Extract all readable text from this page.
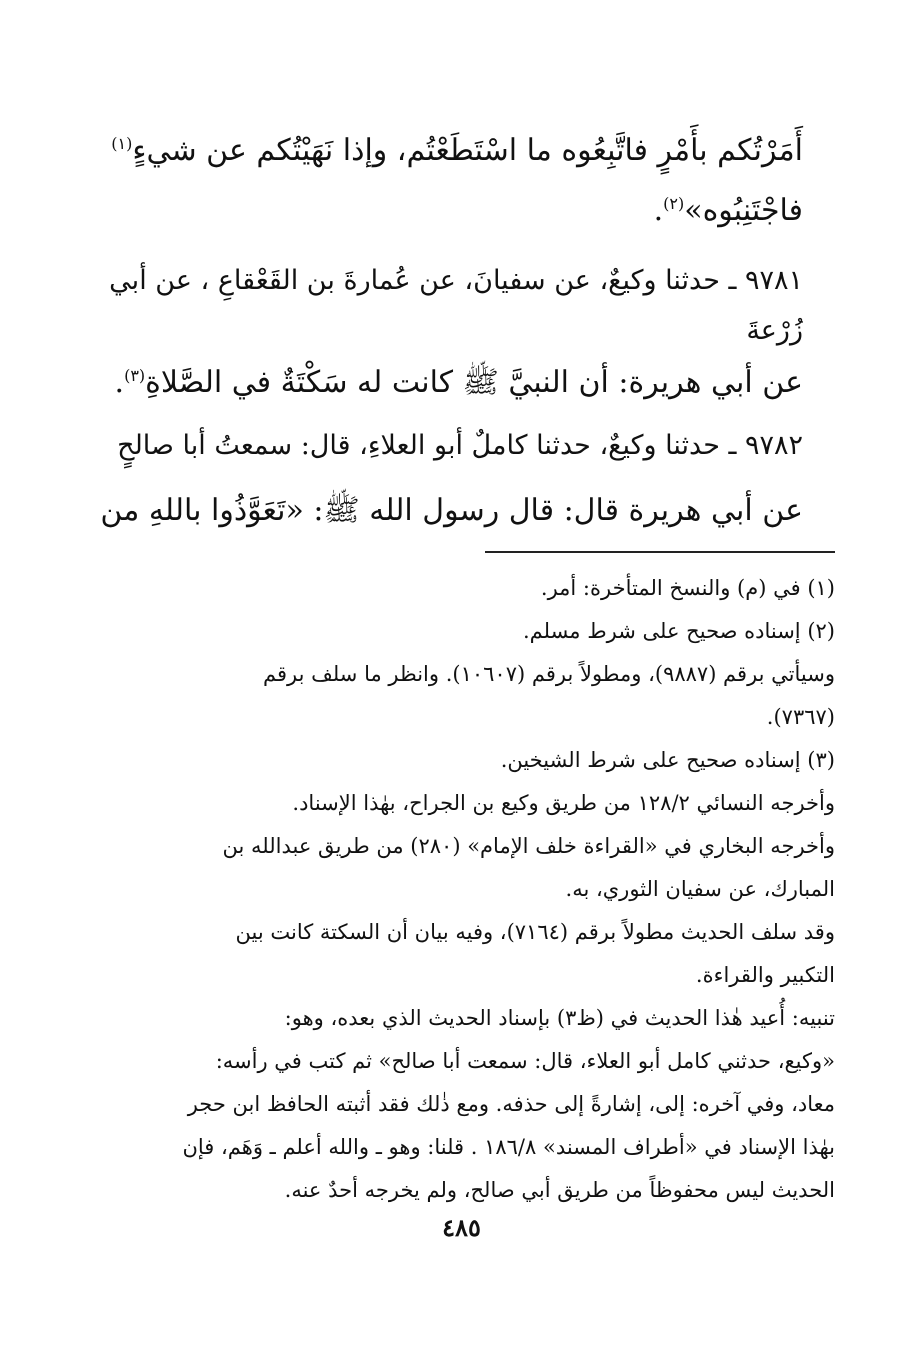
أَمَرْتُكم بأَمْرٍ فاتَّبِعُوه ما اسْتَطَعْتُم، وإذا نَهَيْتُكم عن شيءٍ$^{(١)}$
فاجْتَنِبُوه»$^{(٢)}$.
٩٧٨١ ـ حدثنا وكيعٌ، عن سفيانَ، عن عُمارةَ بن القَعْقاعِ ، عن أبي
زُرْعةَ
عن أبي هريرة: أن النبيَّ ﷺ كانت له سَكْتَةٌ في الصَّلاةِ$^{(٣)}$.
٩٧٨٢ ـ حدثنا وكيعٌ، حدثنا كاملٌ أبو العلاءِ، قال: سمعتُ أبا صالحٍ
عن أبي هريرة قال: قال رسول الله ﷺ: «تَعَوَّذُوا باللهِ من
(١) في (م) والنسخ المتأخرة: أمر.
(٢) إسناده صحيح على شرط مسلم.
وسيأتي برقم (٩٨٨٧)، ومطولاً برقم (١٠٦٠٧). وانظر ما سلف برقم
(٧٣٦٧).
(٣) إسناده صحيح على شرط الشيخين.
وأخرجه النسائي ١٢٨/٢ من طريق وكيع بن الجراح، بهٰذا الإسناد.
وأخرجه البخاري في «القراءة خلف الإمام» (٢٨٠) من طريق عبدالله بن
المبارك، عن سفيان الثوري، به.
وقد سلف الحديث مطولاً برقم (٧١٦٤)، وفيه بيان أن السكتة كانت بين
التكبير والقراءة.
تنبيه: أُعيد هٰذا الحديث في (ظ٣) بإسناد الحديث الذي بعده، وهو:
«وكيع، حدثني كامل أبو العلاء، قال: سمعت أبا صالح» ثم كتب في رأسه:
معاد، وفي آخره: إلى، إشارةً إلى حذفه. ومع ذٰلك فقد أثبته الحافظ ابن حجر
بهٰذا الإسناد في «أطراف المسند» ١٨٦/٨ . قلنا: وهو ـ والله أعلم ـ وَهَم، فإن
الحديث ليس محفوظاً من طريق أبي صالح، ولم يخرجه أحدٌ عنه.
٤٨٥
